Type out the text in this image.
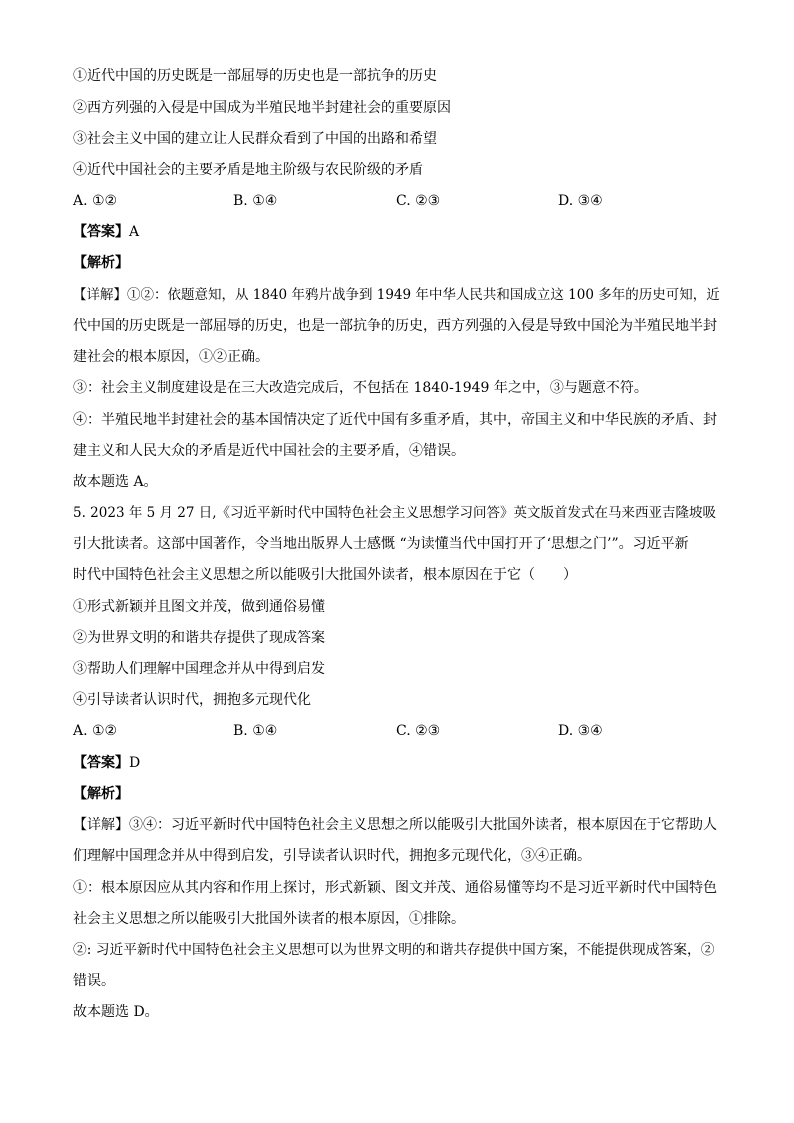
①近代中国的历史既是一部屈辱的历史也是一部抗争的历史
②西方列强的入侵是中国成为半殖民地半封建社会的重要原因
③社会主义中国的建立让人民群众看到了中国的出路和希望
④近代中国社会的主要矛盾是地主阶级与农民阶级的矛盾
A. ①②	B. ①④	C. ②③	D. ③④
【答案】A
【解析】
【详解】①②：依题意知，从 1840 年鸦片战争到 1949 年中华人民共和国成立这 100 多年的历史可知，近
代中国的历史既是一部屈辱的历史，也是一部抗争的历史，西方列强的入侵是导致中国沦为半殖民地半封
建社会的根本原因，①②正确。
③：社会主义制度建设是在三大改造完成后，不包括在 1840-1949 年之中，③与题意不符。
④：半殖民地半封建社会的基本国情决定了近代中国有多重矛盾，其中，帝国主义和中华民族的矛盾、封
建主义和人民大众的矛盾是近代中国社会的主要矛盾，④错误。
故本题选 A。
5. 2023 年 5 月 27 日,《习近平新时代中国特色社会主义思想学习问答》英文版首发式在马来西亚吉隆坡吸
引大批读者。这部中国著作，令当地出版界人士感慨 “为读懂当代中国打开了‘思想之门’”。习近平新
时代中国特色社会主义思想之所以能吸引大批国外读者，根本原因在于它（　　）
①形式新颖并且图文并茂，做到通俗易懂
②为世界文明的和谐共存提供了现成答案
③帮助人们理解中国理念并从中得到启发
④引导读者认识时代，拥抱多元现代化
A. ①②	B. ①④	C. ②③	D. ③④
【答案】D
【解析】
【详解】③④：习近平新时代中国特色社会主义思想之所以能吸引大批国外读者，根本原因在于它帮助人
们理解中国理念并从中得到启发，引导读者认识时代，拥抱多元现代化，③④正确。
①：根本原因应从其内容和作用上探讨，形式新颖、图文并茂、通俗易懂等均不是习近平新时代中国特色
社会主义思想之所以能吸引大批国外读者的根本原因，①排除。
②: 习近平新时代中国特色社会主义思想可以为世界文明的和谐共存提供中国方案，不能提供现成答案，②
错误。
故本题选 D。
